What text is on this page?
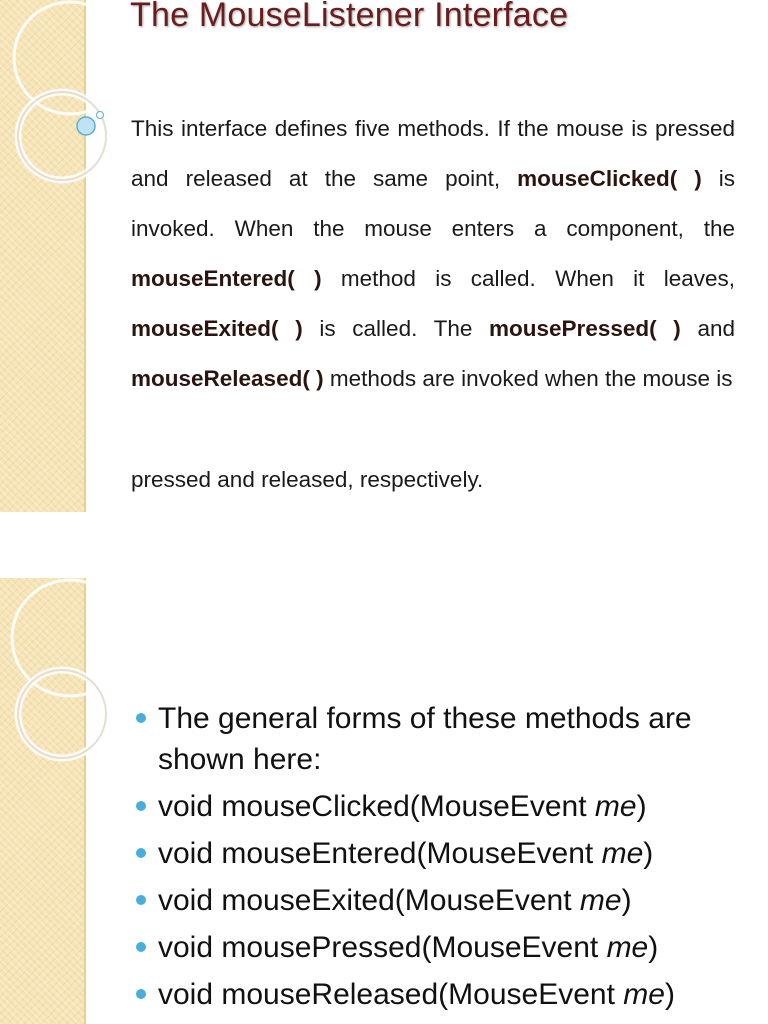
The MouseListener Interface

This interface defines five methods. If the mouse is pressed and released at the same point, mouseClicked( ) is invoked. When the mouse enters a component, the mouseEntered( ) method is called. When it leaves, mouseExited( ) is called. The mousePressed( ) and mouseReleased( ) methods are invoked when the mouse is

pressed and released, respectively.

The general forms of these methods are shown here:
void mouseClicked(MouseEvent me)
void mouseEntered(MouseEvent me)
void mouseExited(MouseEvent me)
void mousePressed(MouseEvent me)
void mouseReleased(MouseEvent me)
